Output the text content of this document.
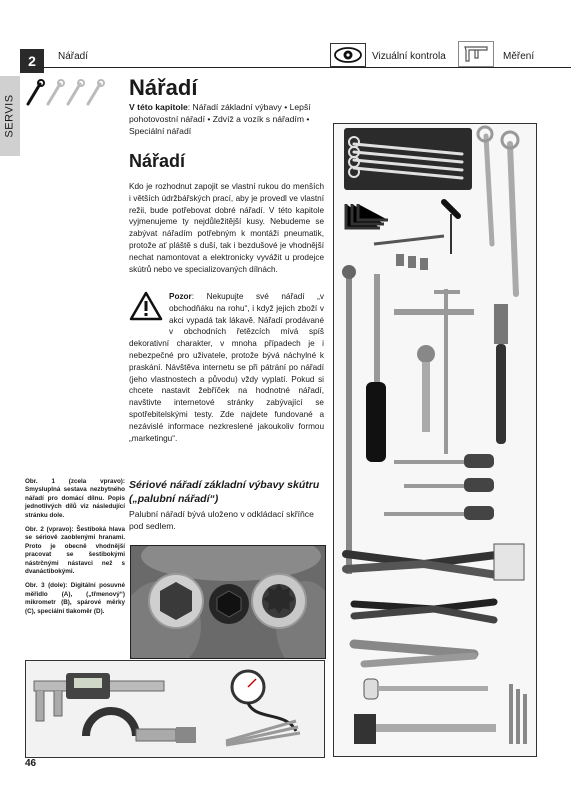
2	Nářadí	Vizuální kontrola	Měření
SERVIS
Nářadí
V této kapitole: Nářadí základní výbavy • Lepší pohotovostní nářadí • Zdvíž a vozík s nářadím • Speciální nářadí
Nářadí
Kdo je rozhodnut zapojit se vlastní rukou do menších i větších údržbářských prací, aby je provedl ve vlastní režii, bude potřebovat dobré nářadí. V této kapitole vyjmenujeme ty nejdůležitější kusy. Nebudeme se zabývat nářadím potřebným k montáži pneumatik, protože ať pláště s duší, tak i bezdušové je vhodnější nechat namontovat a elektronicky vyvážit u prodejce skútrů nebo ve specializovaných dílnách.
Pozor: Nekupujte své nářadí „v obchodňáku na rohu“, i když jejich zboží v akci vypadá tak lákavě. Nářadí prodávané v obchodních řetězcích mívá spíš dekorativní charakter, v mnoha případech je i nebezpečné pro uživatele, protože bývá náchylné k praskání. Návštěva internetu se při pátrání po nářadí (jeho vlastnostech a původu) vždy vyplatí. Pokud si chcete nastavit žebříček na hodnotné nářadí, navštivte internetové stránky zabývající se spotřebitelskými testy. Zde najdete fundované a nezávislé informace nezkreslené jakoukoliv formou „marketingu“.
Sériové nářadí základní výbavy skútru („palubní nářadí“)
Palubní nářadí bývá uloženo v odkládací skříňce pod sedlem.

Obr. 1 (zcela vpravo): Smysluplná sestava nezbytného nářadí pro domácí dílnu. Popis jednotlivých dílů viz následující stránku dole.

Obr. 2 (vpravo): Šestiboká hlava se sériově zaoblenými hranami. Proto je obecně vhodnější pracovat se šestibokými nástrčnými nástavci než s dvanáctibokými.

Obr. 3 (dole): Digitální posuvné měřidlo (A), („třmenový“) mikrometr (B), spárové měrky (C), speciální tlakoměr (D).

46
